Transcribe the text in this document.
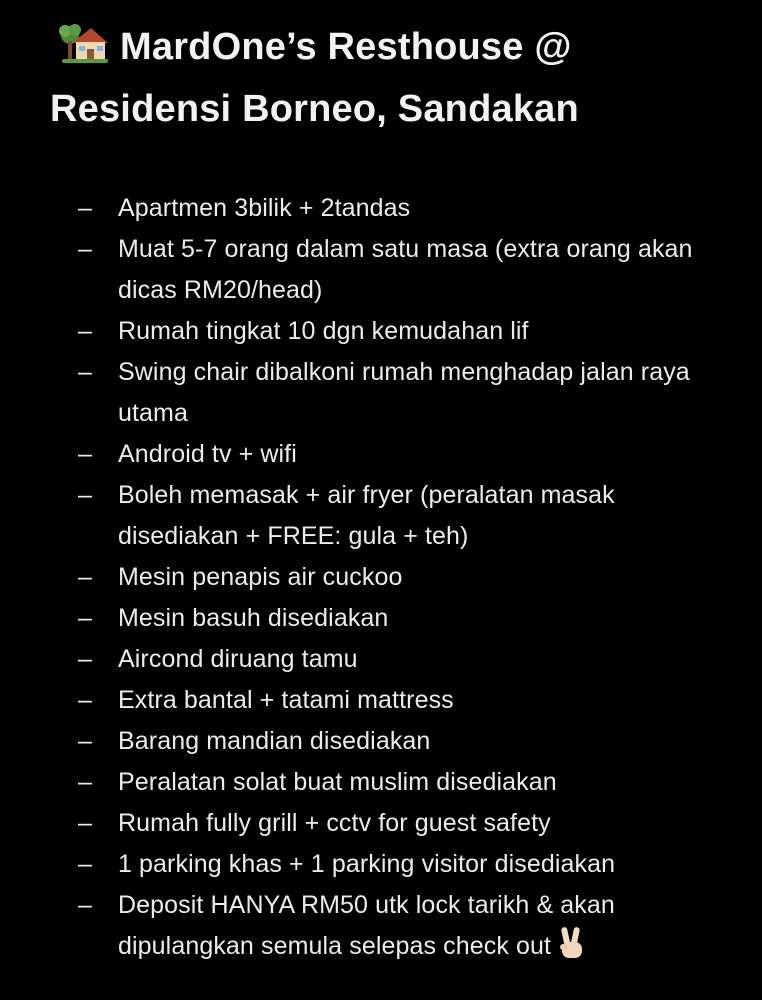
MardOne’s Resthouse @ Residensi Borneo, Sandakan
– Apartmen 3bilik + 2tandas
– Muat 5-7 orang dalam satu masa (extra orang akan dicas RM20/head)
– Rumah tingkat 10 dgn kemudahan lif
– Swing chair dibalkoni rumah menghadap jalan raya utama
– Android tv + wifi
– Boleh memasak + air fryer (peralatan masak disediakan + FREE: gula + teh)
– Mesin penapis air cuckoo
– Mesin basuh disediakan
– Aircond diruang tamu
– Extra bantal + tatami mattress
– Barang mandian disediakan
– Peralatan solat buat muslim disediakan
– Rumah fully grill + cctv for guest safety
– 1 parking khas + 1 parking visitor disediakan
– Deposit HANYA RM50 utk lock tarikh & akan dipulangkan semula selepas check out
